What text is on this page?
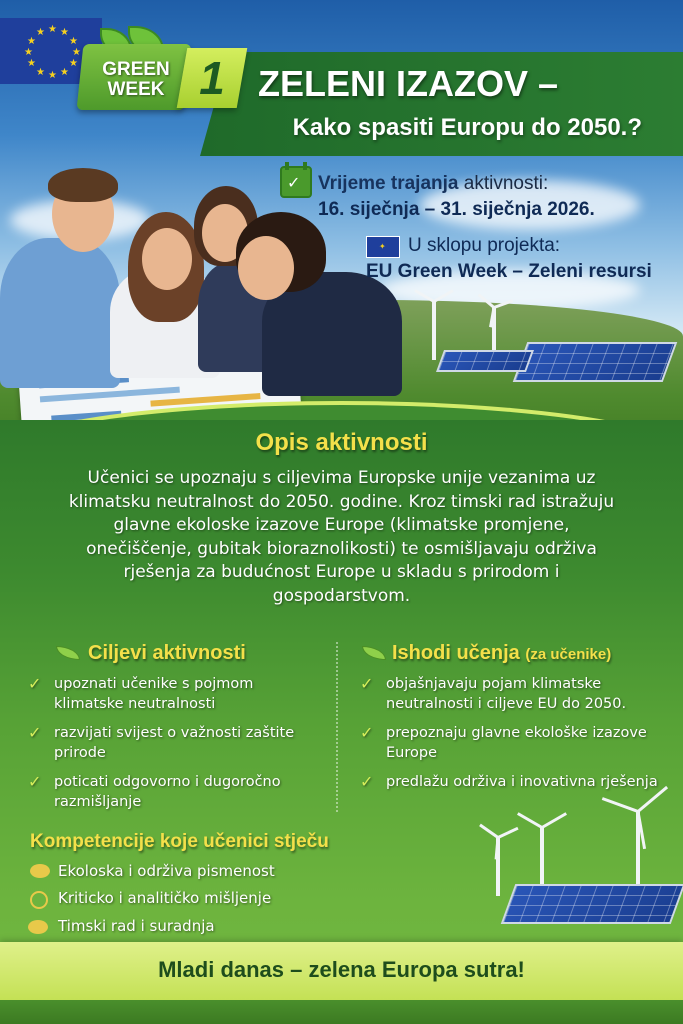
★ ★
★
★
★
★
★
★
★
★
★
★
GREEN WEEK 1 ZELENI IZAZOV –
Kako spasiti Europu do 2050.?
✓ Vrijeme trajanja aktivnosti:
16. siječnja – 31. siječnja 2026.
✦ U sklopu projekta:
EU Green Week – Zeleni resursi
Opis aktivnosti
Učenici se upoznaju s ciljevima Europske unije vezanima uz klimatsku neutralnost do 2050. godine. Kroz timski rad istražuju glavne ekoloske izazove Europe (klimatske promjene, onečiščenje, gubitak bioraznolikosti) te osmišljavaju održiva rješenja za budućnost Europe u skladu s prirodom i gospodarstvom.
Ciljevi aktivnosti
✓ upoznati učenike s pojmom klimatske neutralnosti
✓ razvijati svijest o važnosti zaštite prirode
✓ poticati odgovorno i dugoročno razmišljanje
Ishodi učenja (za učenike)
✓ objašnjavaju pojam klimatske neutralnosti i ciljeve EU do 2050.
✓ prepoznaju glavne ekološke izazove Europe
✓ predlažu održiva i inovativna rješenja
Kompetencije koje učenici stječu
Ekoloska i održiva pismenost
Kriticko i analitičko mišljenje
Timski rad i suradnja
Mladi danas – zelena Europa sutra!
